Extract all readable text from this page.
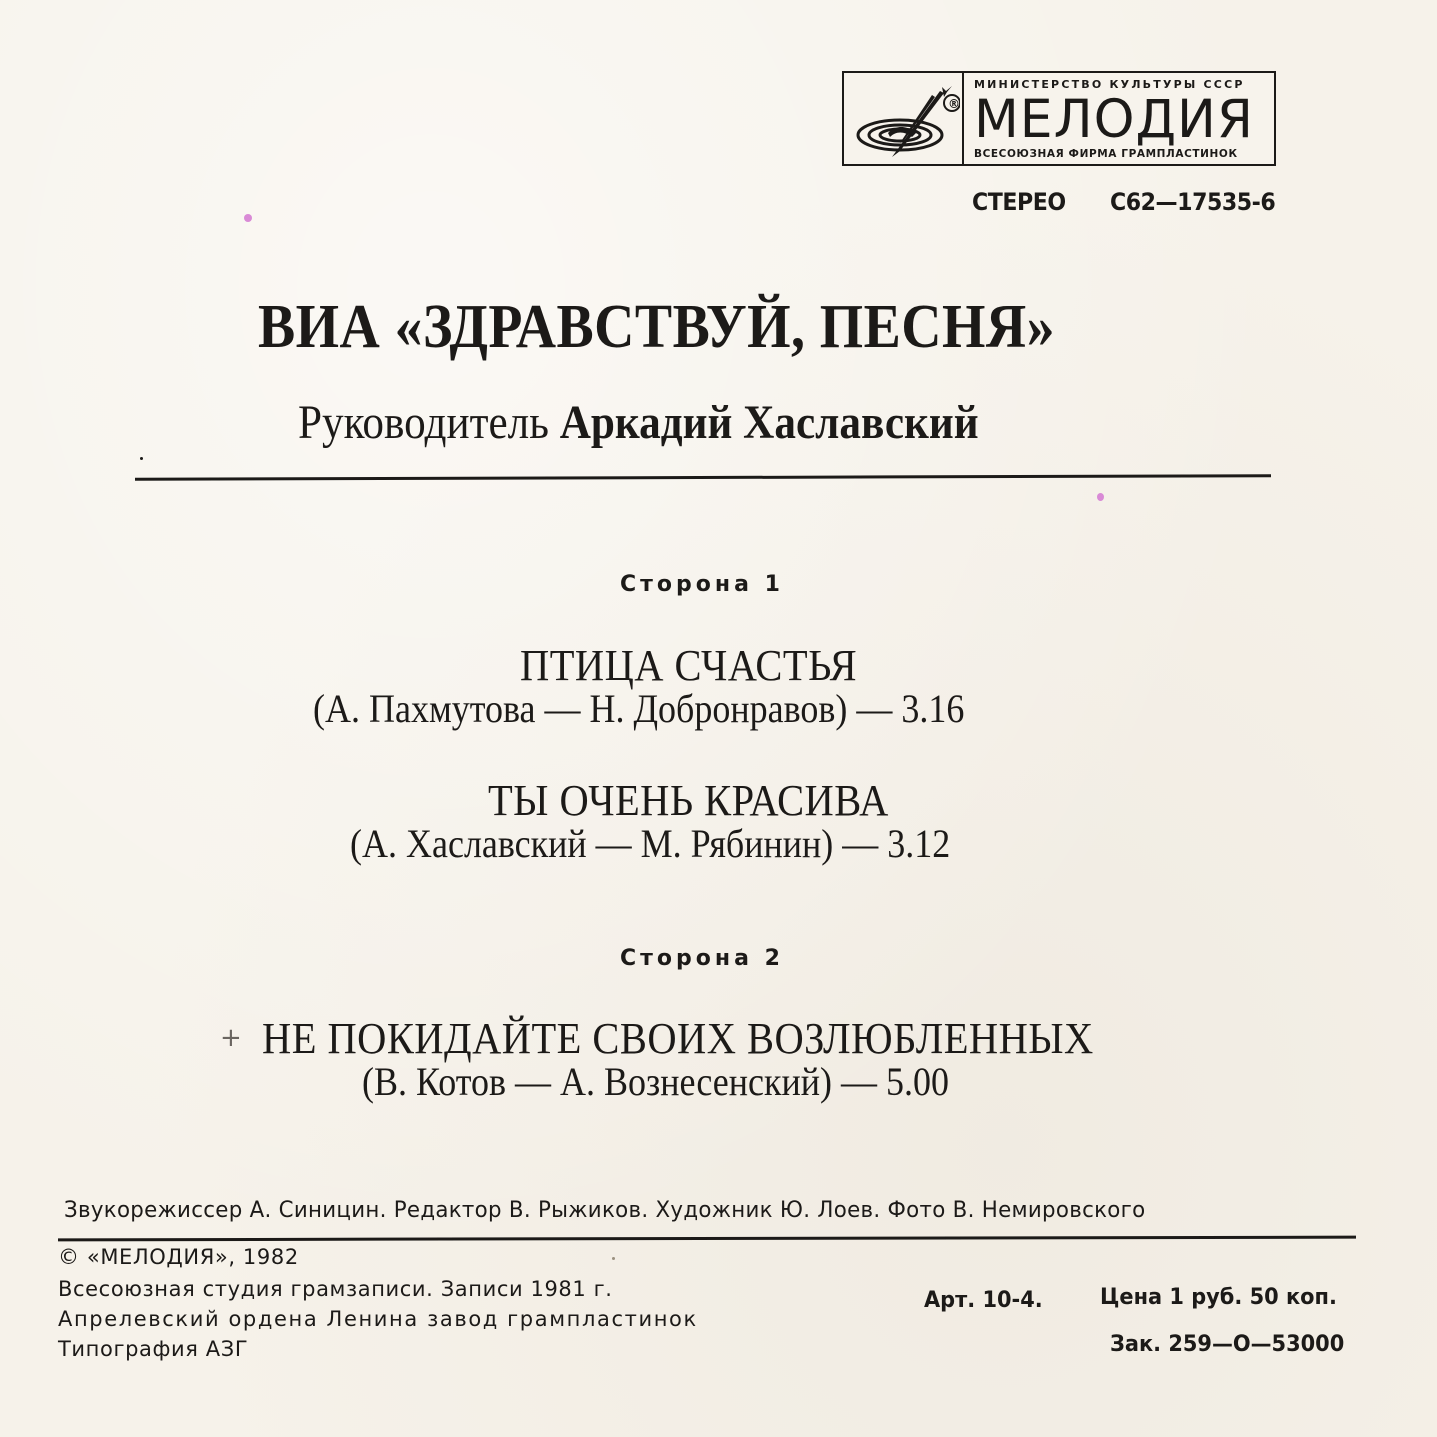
®
МИНИСТЕРСТВО КУЛЬТУРЫ СССР
МЕЛОДИЯ
ВСЕСОЮЗНАЯ ФИРМА ГРАМПЛАСТИНОК
СТЕРЕО С62—17535-6
ВИА «ЗДРАВСТВУЙ, ПЕСНЯ»
Руководитель Аркадий Хаславский
Сторона 1
ПТИЦА СЧАСТЬЯ
(А. Пахмутова — Н. Добронравов) — 3.16
ТЫ ОЧЕНЬ КРАСИВА
(А. Хаславский — М. Рябинин) — 3.12
Сторона 2
+ НЕ ПОКИДАЙТЕ СВОИХ ВОЗЛЮБЛЕННЫХ
(В. Котов — А. Вознесенский) — 5.00
Звукорежиссер А. Синицин. Редактор В. Рыжиков. Художник Ю. Лоев. Фото В. Немировского
© «МЕЛОДИЯ», 1982
Всесоюзная студия грамзаписи. Записи 1981 г.
Апрелевский ордена Ленина завод грампластинок
Типография АЗГ
Арт. 10-4.	Цена 1 руб. 50 коп.
Зак. 259—О—53000
